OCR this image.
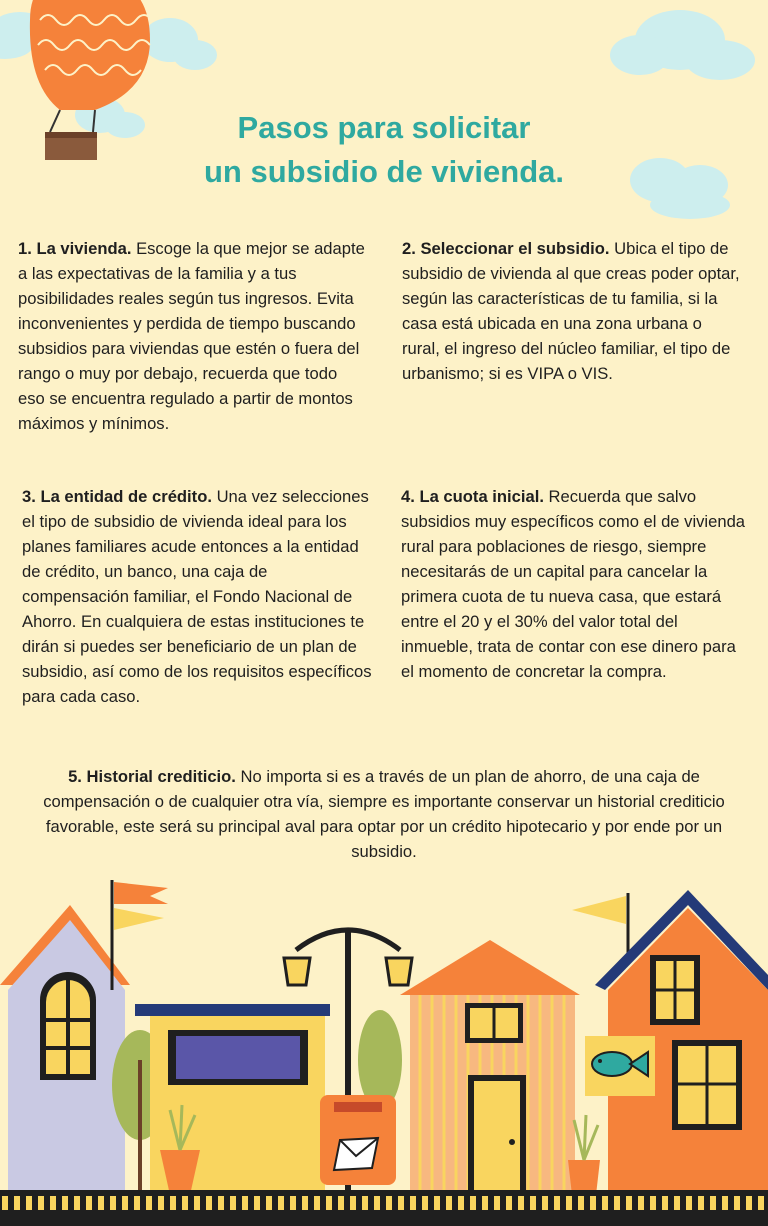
Pasos para solicitar
un subsidio de vivienda.
1. La vivienda. Escoge la que mejor se adapte a las expectativas de la familia y a tus posibilidades reales según tus ingresos. Evita inconvenientes y perdida de tiempo buscando subsidios para viviendas que estén o fuera del rango o muy por debajo, recuerda que todo eso se encuentra regulado a partir de montos máximos y mínimos.
2. Seleccionar el subsidio. Ubica el tipo de subsidio de vivienda al que creas poder optar, según las características de tu familia, si la casa está ubicada en una zona urbana o rural, el ingreso del núcleo familiar, el tipo de urbanismo; si es VIPA o VIS.
3. La entidad de crédito. Una vez selecciones el tipo de subsidio de vivienda ideal para los planes familiares acude entonces a la entidad de crédito, un banco, una caja de compensación familiar, el Fondo Nacional de Ahorro. En cualquiera de estas instituciones te dirán si puedes ser beneficiario de un plan de subsidio, así como de los requisitos específicos para cada caso.
4. La cuota inicial. Recuerda que salvo subsidios muy específicos como el de vivienda rural para poblaciones de riesgo, siempre necesitarás de un capital para cancelar la primera cuota de tu nueva casa, que estará entre el 20 y el 30% del valor total del inmueble, trata de contar con ese dinero para el momento de concretar la compra.
5. Historial crediticio. No importa si es a través de un plan de ahorro, de una caja de compensación o de cualquier otra vía, siempre es importante conservar un historial crediticio favorable, este será su principal aval para optar por un crédito hipotecario y por ende por un subsidio.
